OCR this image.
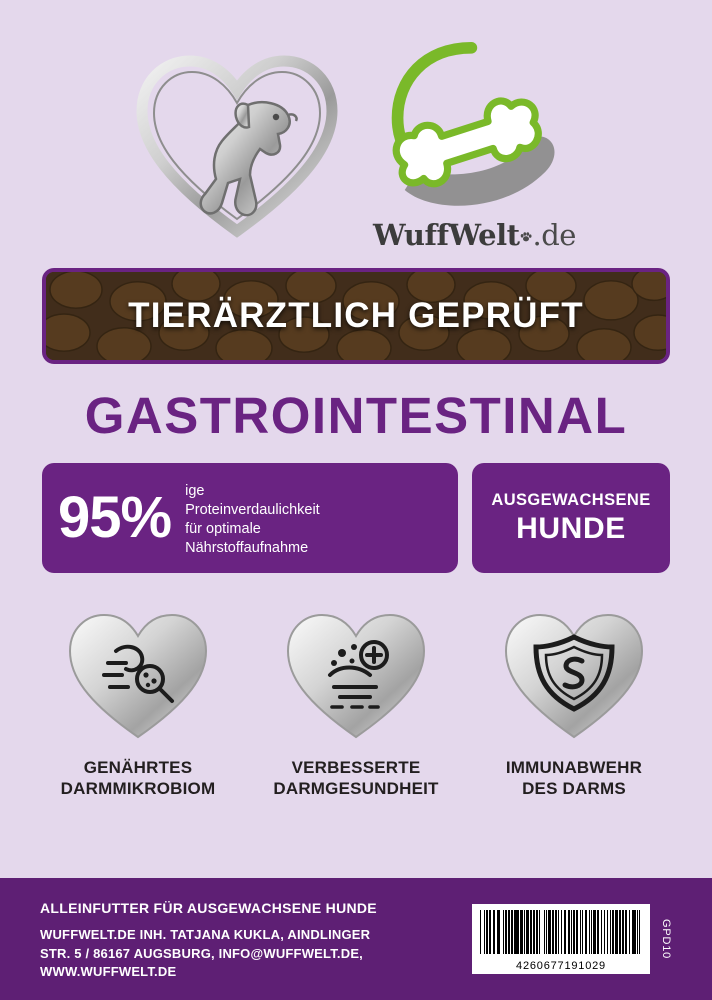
WuffWelt .de
TIERÄRZTLICH GEPRÜFT
GASTROINTESTINAL
95% ige
Proteinverdaulichkeit
für optimale
Nährstoffaufnahme
AUSGEWACHSENE
HUNDE
GENÄHRTES
DARMMIKROBIOM
VERBESSERTE
DARMGESUNDHEIT
IMMUNABWEHR
DES DARMS
ALLEINFUTTER FÜR AUSGEWACHSENE HUNDE
WUFFWELT.DE INH. TATJANA KUKLA, AINDLINGER
STR. 5 / 86167 AUGSBURG, INFO@WUFFWELT.DE,
WWW.WUFFWELT.DE	4260677191029
GPD10
